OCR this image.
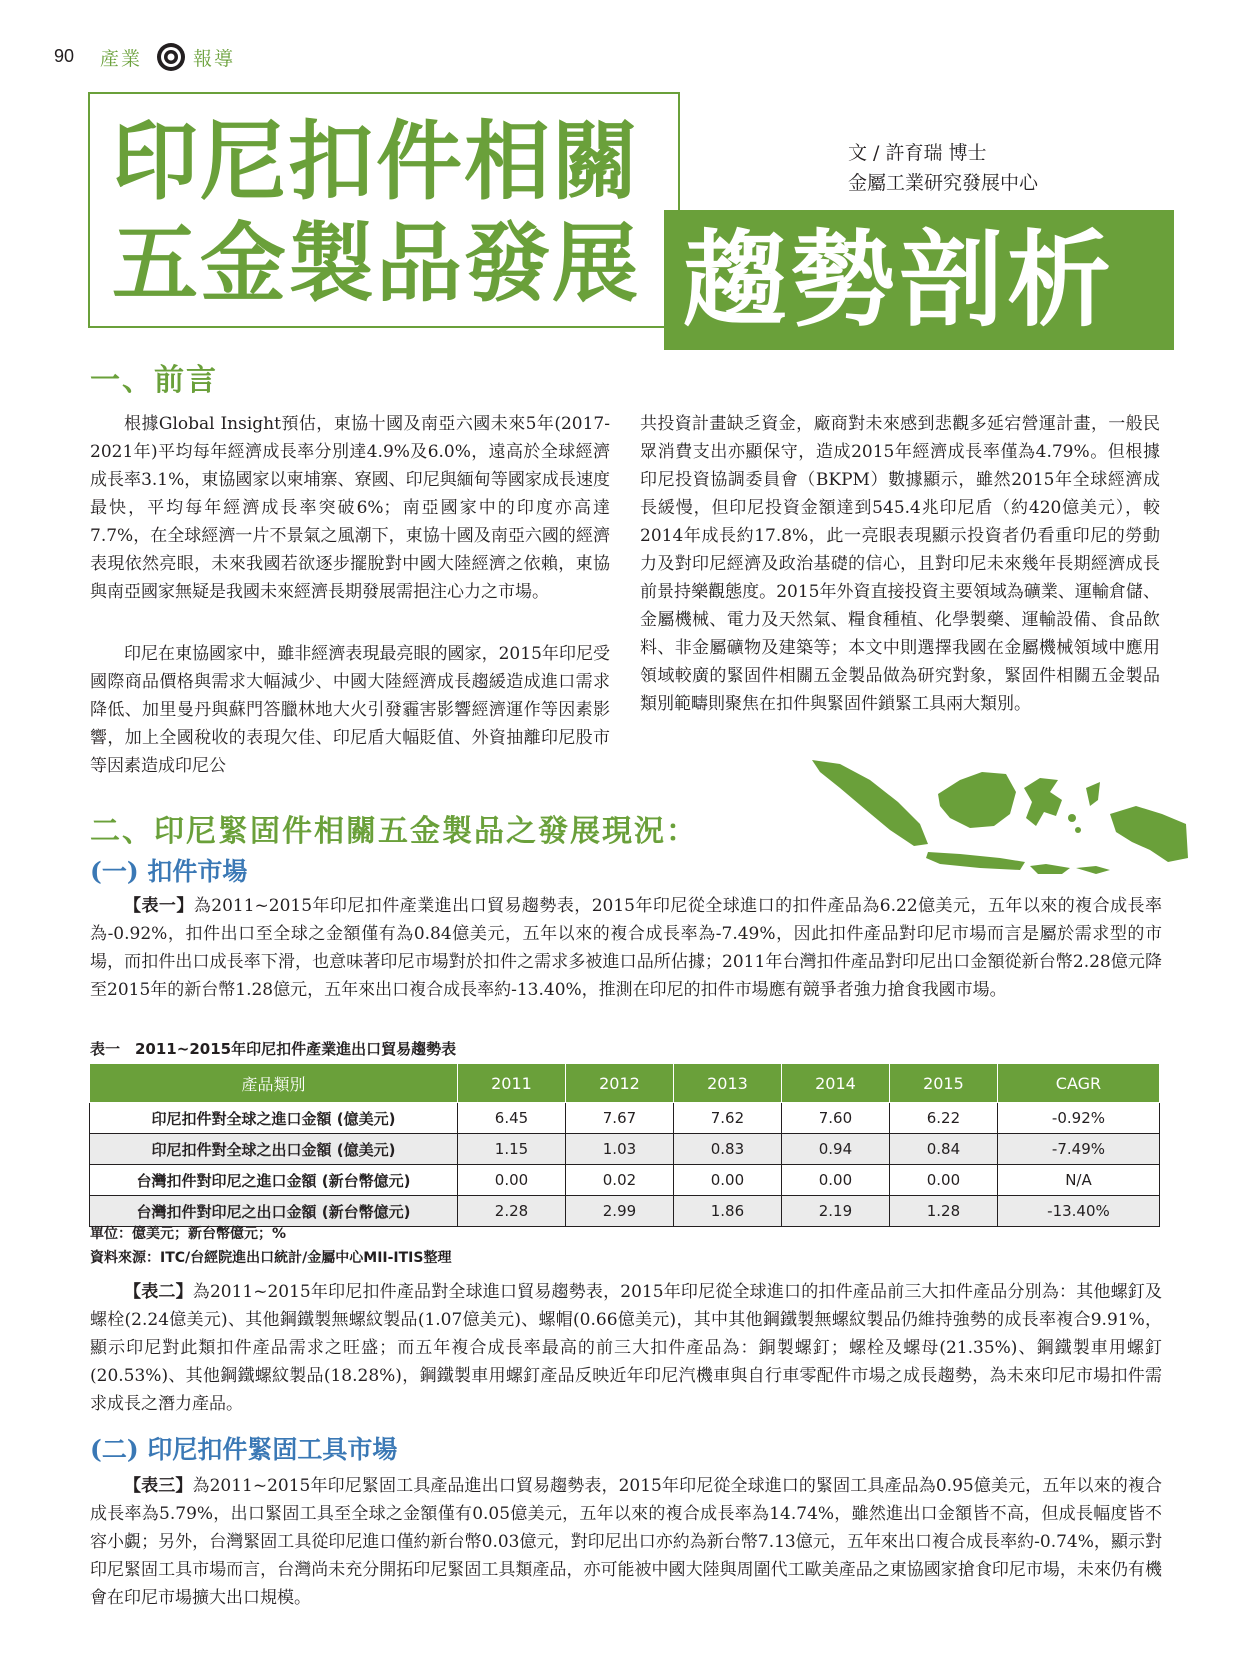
90 產業	報導
印尼扣件相關
五金製品發展 趨勢剖析
文 / 許育瑞 博士
金屬工業研究發展中心
一、前言
根據Global Insight預估，東協十國及南亞六國未來5年(2017-2021年)平均每年經濟成長率分別達4.9%及6.0%，遠高於全球經濟成長率3.1%，東協國家以柬埔寨、寮國、印尼與緬甸等國家成長速度最快，平均每年經濟成長率突破6%；南亞國家中的印度亦高達7.7%，在全球經濟一片不景氣之風潮下，東協十國及南亞六國的經濟表現依然亮眼，未來我國若欲逐步擺脫對中國大陸經濟之依賴，東協與南亞國家無疑是我國未來經濟長期發展需挹注心力之市場。
印尼在東協國家中，雖非經濟表現最亮眼的國家，2015年印尼受國際商品價格與需求大幅減少、中國大陸經濟成長趨緩造成進口需求降低、加里曼丹與蘇門答臘林地大火引發霾害影響經濟運作等因素影響，加上全國稅收的表現欠佳、印尼盾大幅貶值、外資抽離印尼股市等因素造成印尼公
共投資計畫缺乏資金，廠商對未來感到悲觀多延宕營運計畫，一般民眾消費支出亦顯保守，造成2015年經濟成長率僅為4.79%。但根據印尼投資協調委員會（BKPM）數據顯示，雖然2015年全球經濟成長緩慢，但印尼投資金額達到545.4兆印尼盾（約420億美元），較2014年成長約17.8%，此一亮眼表現顯示投資者仍看重印尼的勞動力及對印尼經濟及政治基礎的信心，且對印尼未來幾年長期經濟成長前景持樂觀態度。2015年外資直接投資主要領域為礦業、運輸倉儲、金屬機械、電力及天然氣、糧食種植、化學製藥、運輸設備、食品飲料、非金屬礦物及建築等；本文中則選擇我國在金屬機械領域中應用領域較廣的緊固件相關五金製品做為研究對象，緊固件相關五金製品類別範疇則聚焦在扣件與緊固件鎖緊工具兩大類別。
二、印尼緊固件相關五金製品之發展現況：
(一) 扣件市場
【表一】為2011~2015年印尼扣件產業進出口貿易趨勢表，2015年印尼從全球進口的扣件產品為6.22億美元，五年以來的複合成長率為-0.92%，扣件出口至全球之金額僅有為0.84億美元，五年以來的複合成長率為-7.49%，因此扣件產品對印尼市場而言是屬於需求型的市場，而扣件出口成長率下滑，也意味著印尼市場對於扣件之需求多被進口品所佔據；2011年台灣扣件產品對印尼出口金額從新台幣2.28億元降至2015年的新台幣1.28億元，五年來出口複合成長率約-13.40%，推測在印尼的扣件市場應有競爭者強力搶食我國市場。
表一　2011~2015年印尼扣件產業進出口貿易趨勢表
產品類別	2011	2012	2013	2014	2015	CAGR
印尼扣件對全球之進口金額 (億美元)	6.45	7.67	7.62	7.60	6.22	-0.92%
印尼扣件對全球之出口金額 (億美元)	1.15	1.03	0.83	0.94	0.84	-7.49%
台灣扣件對印尼之進口金額 (新台幣億元)	0.00	0.02	0.00	0.00	0.00	N/A
台灣扣件對印尼之出口金額 (新台幣億元)	2.28	2.99	1.86	2.19	1.28	-13.40%
單位：億美元；新台幣億元；%
資料來源：ITC/台經院進出口統計/金屬中心MII-ITIS整理
【表二】為2011~2015年印尼扣件產品對全球進口貿易趨勢表，2015年印尼從全球進口的扣件產品前三大扣件產品分別為：其他螺釘及螺栓(2.24億美元)、其他鋼鐵製無螺紋製品(1.07億美元)、螺帽(0.66億美元)，其中其他鋼鐵製無螺紋製品仍維持強勢的成長率複合9.91%，顯示印尼對此類扣件產品需求之旺盛；而五年複合成長率最高的前三大扣件產品為：銅製螺釘；螺栓及螺母(21.35%)、鋼鐵製車用螺釘(20.53%)、其他鋼鐵螺紋製品(18.28%)，鋼鐵製車用螺釘產品反映近年印尼汽機車與自行車零配件市場之成長趨勢，為未來印尼市場扣件需求成長之潛力產品。
(二) 印尼扣件緊固工具市場
【表三】為2011~2015年印尼緊固工具產品進出口貿易趨勢表，2015年印尼從全球進口的緊固工具產品為0.95億美元，五年以來的複合成長率為5.79%，出口緊固工具至全球之金額僅有0.05億美元，五年以來的複合成長率為14.74%，雖然進出口金額皆不高，但成長幅度皆不容小覷；另外，台灣緊固工具從印尼進口僅約新台幣0.03億元，對印尼出口亦約為新台幣7.13億元，五年來出口複合成長率約-0.74%，顯示對印尼緊固工具市場而言，台灣尚未充分開拓印尼緊固工具類產品，亦可能被中國大陸與周圍代工歐美產品之東協國家搶食印尼市場，未來仍有機會在印尼市場擴大出口規模。
